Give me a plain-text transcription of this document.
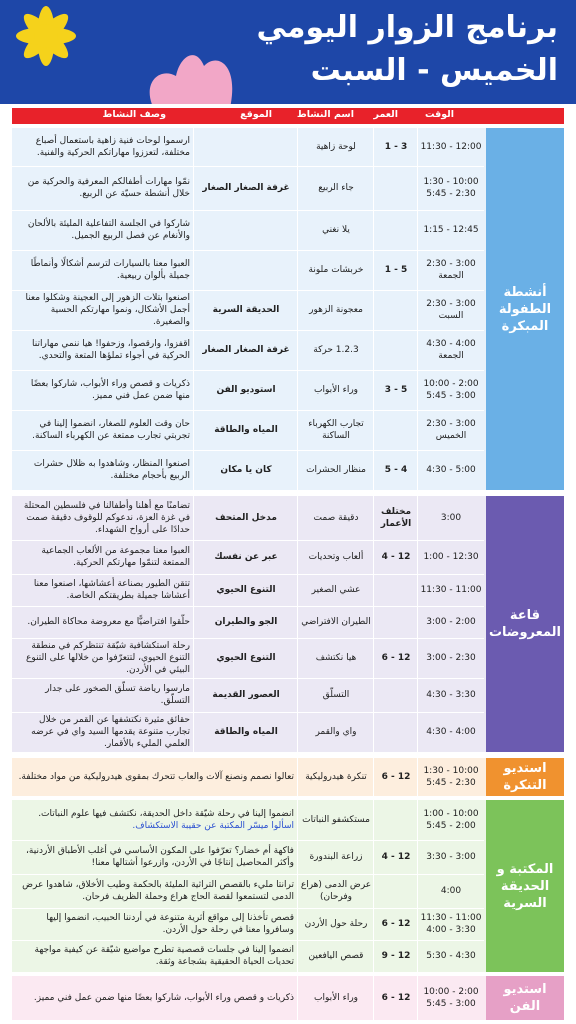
برنامج الزوار اليومي
الخميس - السبت
الوقت
العمر
اسم النشاط
الموقع
وصف النشاط
أنشطة الطفولة المبكرة
12:00 - 11:30
3 - 1
لوحة زاهية
ارسموا لوحات فنية زاهية باستعمال أصباع مختلفة، لتعززوا مهاراتكم الحركية والفنية.
10:00 - 1:30
2:30 - 5:45
جاء الربيع
غرفة الصغار الصغار
نمّوا مهارات أطفالكم المعرفية والحركية من خلال أنشطة حسيّة عن الربيع.
12:45 - 1:15
يلا نغني
شاركوا في الجلسة التفاعلية المليئة بالألحان والأنغام عن فصل الربيع الجميل.
3:00 - 2:30
الجمعة
5 - 1
خربشات ملونة
العبوا معنا بالسيارات لترسم أشكالًا وأنماطًا جميلة بألوان ربيعية.
3:00 - 2:30
السبت
معجونة الزهور
الحديقة السرية
اصنعوا بتلات الزهور إلى العجينة وشكلوا معنا أجمل الأشكال، ونموا مهارتكم الحسية والصغيرة.
4:00 - 4:30
الجمعة
1.2.3 حركة
غرفة الصغار الصغار
اقفزوا، وارقصوا، وزحفوا! هيا ننمي مهاراتنا الحركية في أجواء تملؤها المتعة والتحدي.
2:00 - 10:00
3:00 - 5:45
5 - 3
وراء الأبواب
استوديو الفن
ذكريات و قصص وراء الأبواب، شاركوا بعضًا منها ضمن عمل فني مميز.
3:00 - 2:30
الخميس
تجارب الكهرباء الساكنة
المياه والطاقة
حان وقت العلوم للصغار، انضموا إلينا في تجربتي تجارب ممتعة عن الكهرباء الساكنة.
5:00 - 4:30
4 - 5
منظار الحشرات
كان يا مكان
اصنعوا المنظار، وشاهدوا به ظلال حشرات الربيع بأحجام مختلفة.
قاعة المعروضات
3:00
مختلف الأعمار
دقيقة صمت
مدخل المتحف
تضامنًا مع أهلنا وأطفالنا في فلسطين المحتلة في غزة العزة، ندعوكم للوقوف دقيقة صمت حدادًا على أرواح الشهداء.
12:30 - 1:00
12 - 4
ألعاب وتحديات
عبر عن نفسك
العبوا معنا مجموعة من الألعاب الجماعية الممتعة لتنمّوا مهارتكم الحركية.
11:00 - 11:30
عشي الصغير
التنوع الحيوي
تتقن الطيور بصناعة أعشاشها، اصنعوا معنا أعشاشا جميلة بطريقتكم الخاصة.
2:00 - 3:00
الطيران الافتراضي
الجو والطيران
حلّقوا افتراضيًّا مع معروضة محاكاة الطيران.
2:30 - 3:00
12 - 6
هيا نكتشف
التنوع الحيوي
رحلة استكشافية شيّقة تنتظركم في منطقة التنوع الحيوي، لتتعرّفوا من خلالها على التنوع البيئي في الأردن.
3:30 - 4:30
التسلّق
العصور القديمة
مارسوا رياضة تسلّق الصخور على جدار التسلّق.
4:00 - 4:30
واي والقمر
المياه والطاقة
حقائق مثيرة نكتشفها عن القمر من خلال تجارب متنوعة يقدمها السيد واي في عرضه العلمي المليء بالأقمار.
استديو التنكرة
10:00 - 1:30
2:30 - 5:45
12 - 6
تنكرة هيدروليكية
تعالوا نصمم ونصنع آلات والعاب تتحرك بمقوى هيدروليكية من مواد مختلفة.
المكتبة و الحديقة السرية
10:00 - 1:00
2:00 - 5:45
مستكشفو النباتات
انضموا إلينا في رحلة شيّقة داخل الحديقة، نكتشف فيها علوم النباتات.
اسألوا ميسّر المكتبة عن حقيبة الاستكشاف.
3:00 - 3:30
12 - 4
زراعة البندورة
فاكهة أم خضار؟ تعرّفوا على المكون الأساسي في أغلب الأطباق الأردنية، وأكثر المحاصيل إنتاجًا في الأردن، وازرعوا أشتالها معنا!
4:00
عرض الدمى (هراع وفرحان)
ترانتا مليء بالقصص التراثية المليئة بالحكمة وطيب الأخلاق، شاهدوا عرض الدمى لتستمعوا لقصة الحاج هراع وحملة الظريف فرحان.
11:00 - 11:30
3:30 - 4:00
12 - 6
رحلة حول الأردن
قصص تأخذنا إلى مواقع أثرية متنوعة في أردننا الحبيب، انضموا إليها وسافروا معنا في رحلة حول الأردن.
4:30 - 5:30
12 - 9
قصص اليافعين
انضموا إلينا في جلسات قصصية تطرح مواضيع شيّقة عن كيفية مواجهة تحديات الحياة الحقيقية بشجاعة وثقة.
استديو الفن
2:00 - 10:00
3:00 - 5:45
12 - 6
وراء الأبواب
ذكريات و قصص وراء الأبواب، شاركوا بعضًا منها ضمن عمل فني مميز.
